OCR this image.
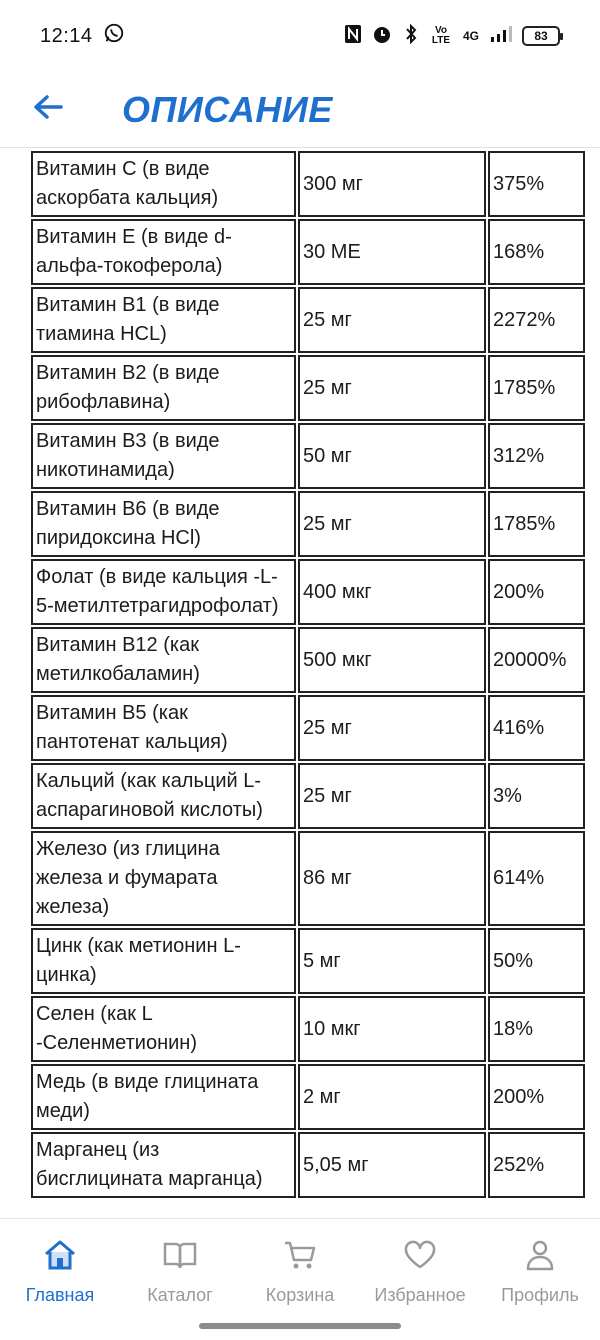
12:14	Vo LTE 4G	83
ОПИСАНИЕ
Витамин C (в виде аскорбата кальция)	300 мг	375%
Витамин E (в виде d-альфа-токоферола)	30 МЕ	168%
Витамин B1 (в виде тиамина HCL)	25 мг	2272%
Витамин B2 (в виде рибофлавина)	25 мг	1785%
Витамин B3 (в виде никотинамида)	50 мг	312%
Витамин B6 (в виде пиридоксина HCl)	25 мг	1785%
Фолат (в виде кальция -L-5-метилтетрагидрофолат)	400 мкг	200%
Витамин B12 (как метилкобаламин)	500 мкг	20000%
Витамин B5 (как пантотенат кальция)	25 мг	416%
Кальций (как кальций L-аспарагиновой кислоты)	25 мг	3%
Железо (из глицина железа и фумарата железа)	86 мг	614%
Цинк (как метионин L-цинка)	5 мг	50%
Селен (как L -Селенметионин)	10 мкг	18%
Медь (в виде глицината меди)	2 мг	200%
Марганец (из бисглицината марганца)	5,05 мг	252%
Главная	Каталог	Корзина Избранное Профиль
